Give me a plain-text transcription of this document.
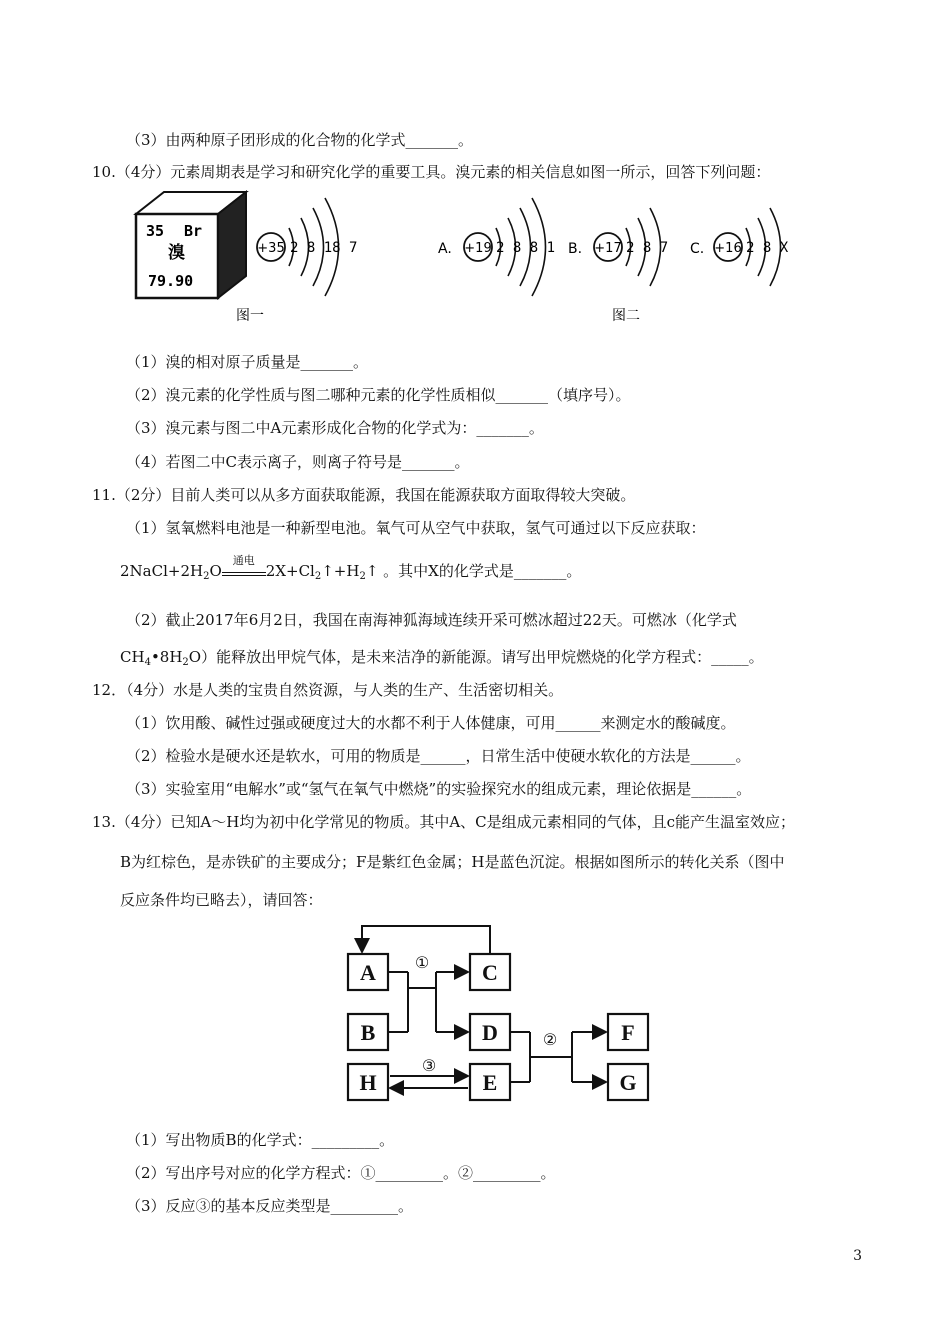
（3）由两种原子团形成的化合物的化学式_______。
10.（4分）元素周期表是学习和研究化学的重要工具。溴元素的相关信息如图一所示，回答下列问题：
35 Br
溴
79.90
+35 2 8 18 7
图一
A. +19 2 8 8 1 B. +17 2 8 7 C. +16 2 8 X
图二
（1）溴的相对原子质量是_______。
（2）溴元素的化学性质与图二哪种元素的化学性质相似_______（填序号）。
（3）溴元素与图二中A元素形成化合物的化学式为：_______。
（4）若图二中C表示离子，则离子符号是_______。
11.（2分）目前人类可以从多方面获取能源，我国在能源获取方面取得较大突破。
（1）氢氧燃料电池是一种新型电池。氧气可从空气中获取，氢气可通过以下反应获取：
$2NaCl+2H_2O$
通电
$2X+Cl_2↑+H_2↑$ 。其中X的化学式是_______。
（2）截止2017年6月2日，我国在南海神狐海域连续开采可燃冰超过22天。可燃冰（化学式
$CH_4•8H_2O$）能释放出甲烷气体，是未来洁净的新能源。请写出甲烷燃烧的化学方程式：_____。
12．（4分）水是人类的宝贵自然资源，与人类的生产、生活密切相关。
（1）饮用酸、碱性过强或硬度过大的水都不利于人体健康，可用______来测定水的酸碱度。
（2）检验水是硬水还是软水，可用的物质是______，日常生活中使硬水软化的方法是______。
（3）实验室用“电解水”或“氢气在氧气中燃烧”的实验探究水的组成元素，理论依据是______。
13.（4分）已知A～H均为初中化学常见的物质。其中A、C是组成元素相同的气体，且c能产生温室效应；
B为红棕色，是赤铁矿的主要成分；F是紫红色金属；H是蓝色沉淀。根据如图所示的转化关系（图中
反应条件均已略去），请回答：
A
B
H
C
D
E
F
G
①
②
③
（1）写出物质B的化学式：_________。
（2）写出序号对应的化学方程式：①_________。②_________。
（3）反应③的基本反应类型是_________。
3
